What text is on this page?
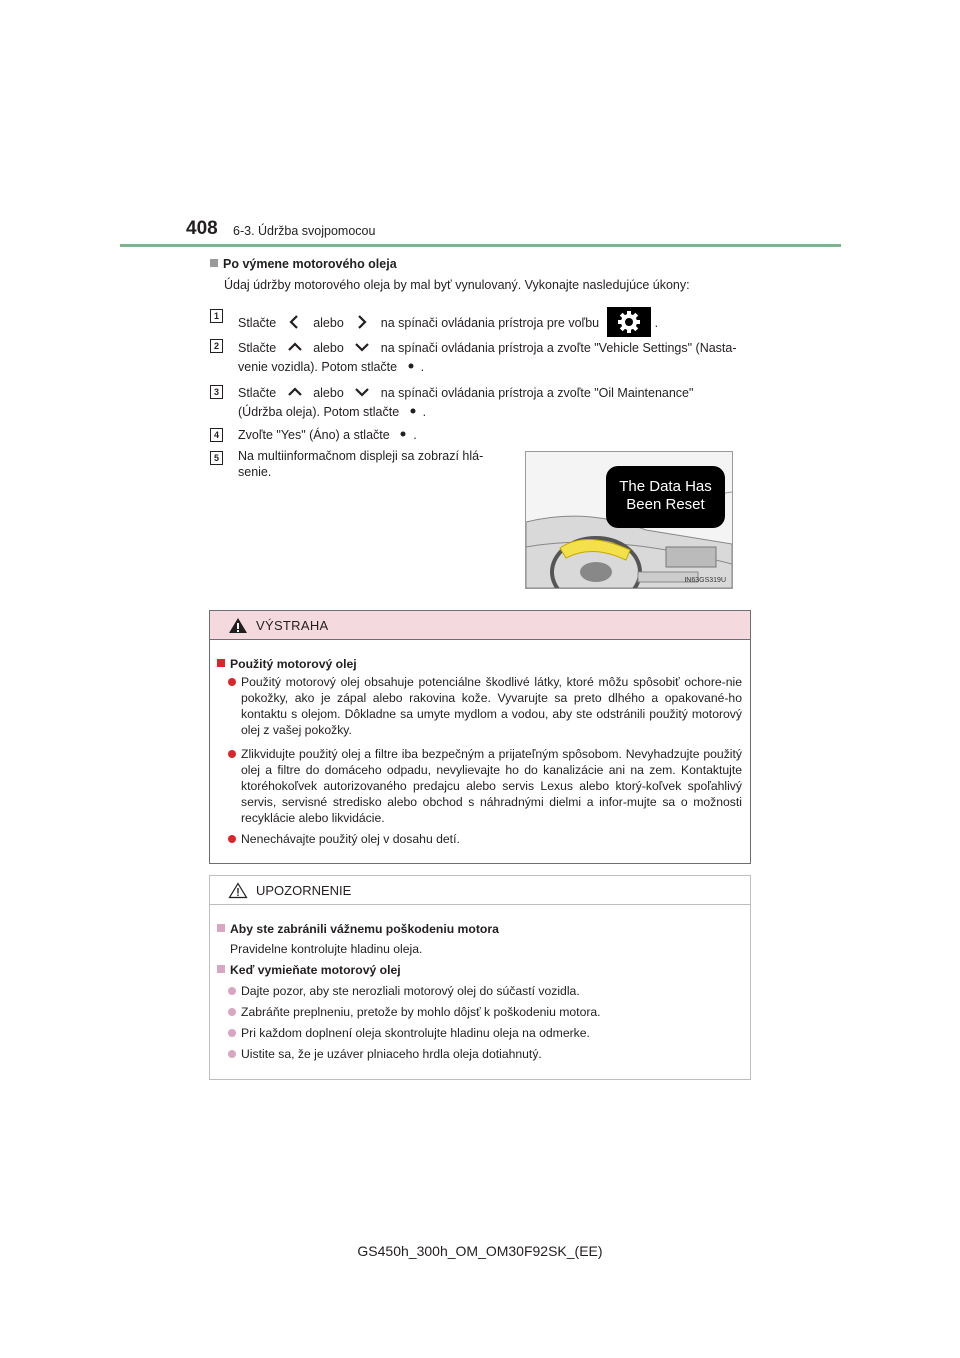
408 6-3. Údržba svojpomocou
Po výmene motorového oleja
Údaj údržby motorového oleja by mal byť vynulovaný. Vykonajte nasledujúce úkony:
1	Stlačte	alebo	na spínači ovládania prístroja pre voľbu	.
2	Stlačte	alebo	na spínači ovládania prístroja a zvoľte "Vehicle Settings" (Nasta-
venie vozidla). Potom stlačte .
3	Stlačte	alebo	na spínači ovládania prístroja a zvoľte "Oil Maintenance"
(Údržba oleja). Potom stlačte .
4	Zvoľte "Yes" (Áno) a stlačte .
5	Na multiinformačnom displeji sa zobrazí hlá-
senie.
The Data Has
Been Reset
IN63GS319U
VÝSTRAHA
Použitý motorový olej
Použitý motorový olej obsahuje potenciálne škodlivé látky, ktoré môžu spôsobiť ochore-nie pokožky, ako je zápal alebo rakovina kože. Vyvarujte sa preto dlhého a opakované-ho kontaktu s olejom. Dôkladne sa umyte mydlom a vodou, aby ste odstránili použitý motorový olej z vašej pokožky.
Zlikvidujte použitý olej a filtre iba bezpečným a prijateľným spôsobom. Nevyhadzujte použitý olej a filtre do domáceho odpadu, nevylievajte ho do kanalizácie ani na zem. Kontaktujte ktoréhokoľvek autorizovaného predajcu alebo servis Lexus alebo ktorý-koľvek spoľahlivý servis, servisné stredisko alebo obchod s náhradnými dielmi a infor-mujte sa o možnosti recyklácie alebo likvidácie.
Nenechávajte použitý olej v dosahu detí.
UPOZORNENIE
Aby ste zabránili vážnemu poškodeniu motora
Pravidelne kontrolujte hladinu oleja.
Keď vymieňate motorový olej
Dajte pozor, aby ste nerozliali motorový olej do súčastí vozidla.
Zabráňte preplneniu, pretože by mohlo dôjsť k poškodeniu motora.
Pri každom doplnení oleja skontrolujte hladinu oleja na odmerke.
Uistite sa, že je uzáver plniaceho hrdla oleja dotiahnutý.
GS450h_300h_OM_OM30F92SK_(EE)
